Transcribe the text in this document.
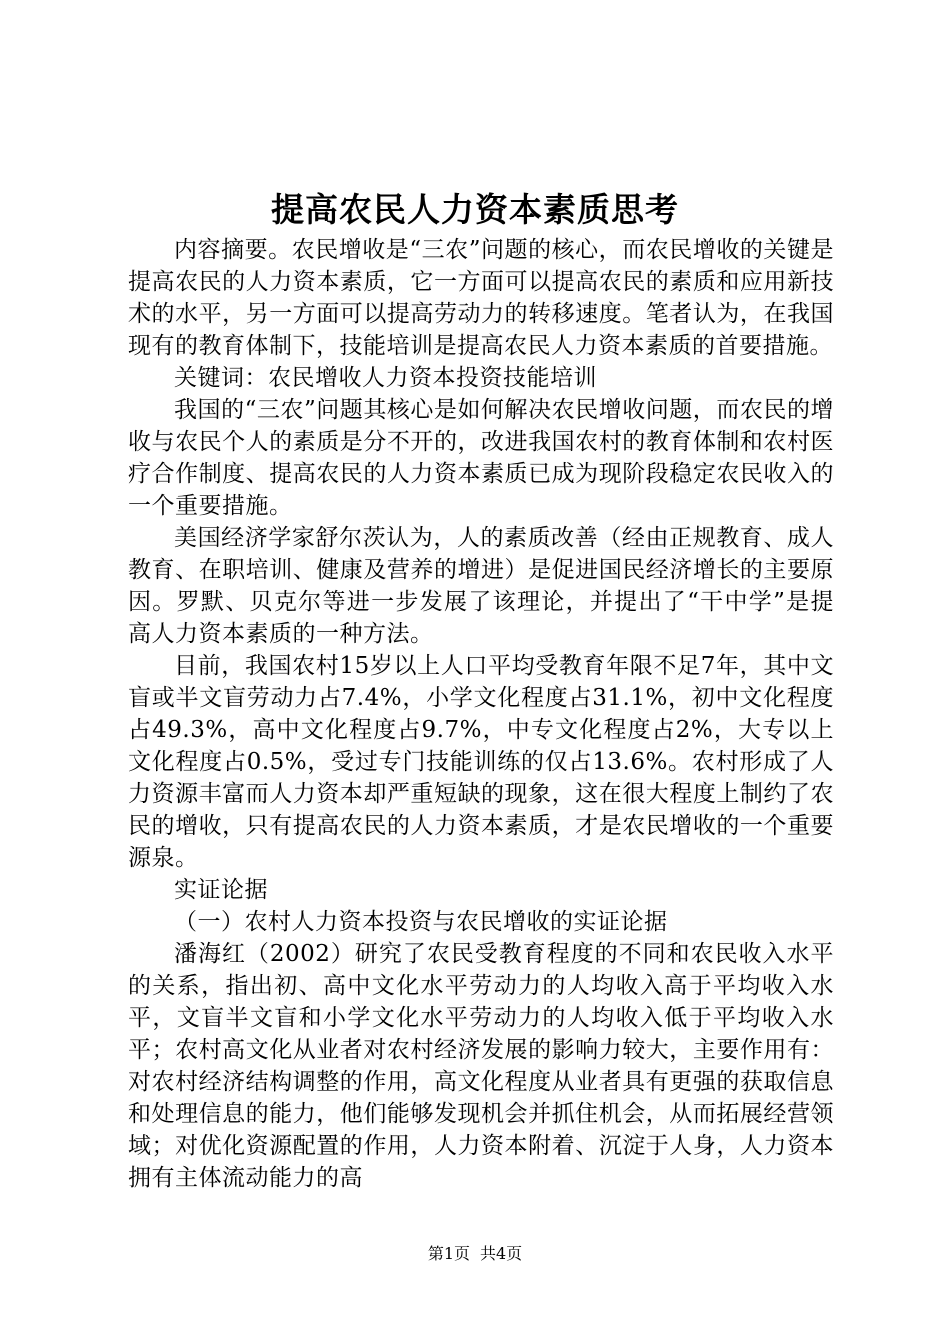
提高农民人力资本素质思考

内容摘要。农民增收是“三农”问题的核心，而农民增收的关键是提高农民的人力资本素质，它一方面可以提高农民的素质和应用新技术的水平，另一方面可以提高劳动力的转移速度。笔者认为，在我国现有的教育体制下，技能培训是提高农民人力资本素质的首要措施。

关键词：农民增收人力资本投资技能培训

我国的“三农”问题其核心是如何解决农民增收问题，而农民的增收与农民个人的素质是分不开的，改进我国农村的教育体制和农村医疗合作制度、提高农民的人力资本素质已成为现阶段稳定农民收入的一个重要措施。

美国经济学家舒尔茨认为，人的素质改善（经由正规教育、成人教育、在职培训、健康及营养的增进）是促进国民经济增长的主要原因。罗默、贝克尔等进一步发展了该理论，并提出了“干中学”是提高人力资本素质的一种方法。

目前，我国农村15岁以上人口平均受教育年限不足7年，其中文盲或半文盲劳动力占7.4%，小学文化程度占31.1%，初中文化程度占49.3%，高中文化程度占9.7%，中专文化程度占2%，大专以上文化程度占0.5%，受过专门技能训练的仅占13.6%。农村形成了人力资源丰富而人力资本却严重短缺的现象，这在很大程度上制约了农民的增收，只有提高农民的人力资本素质，才是农民增收的一个重要源泉。

实证论据

（一）农村人力资本投资与农民增收的实证论据

潘海红（2002）研究了农民受教育程度的不同和农民收入水平的关系，指出初、高中文化水平劳动力的人均收入高于平均收入水平，文盲半文盲和小学文化水平劳动力的人均收入低于平均收入水平；农村高文化从业者对农村经济发展的影响力较大，主要作用有：对农村经济结构调整的作用，高文化程度从业者具有更强的获取信息和处理信息的能力，他们能够发现机会并抓住机会，从而拓展经营领域；对优化资源配置的作用，人力资本附着、沉淀于人身，人力资本拥有主体流动能力的高

第1页 共4页
